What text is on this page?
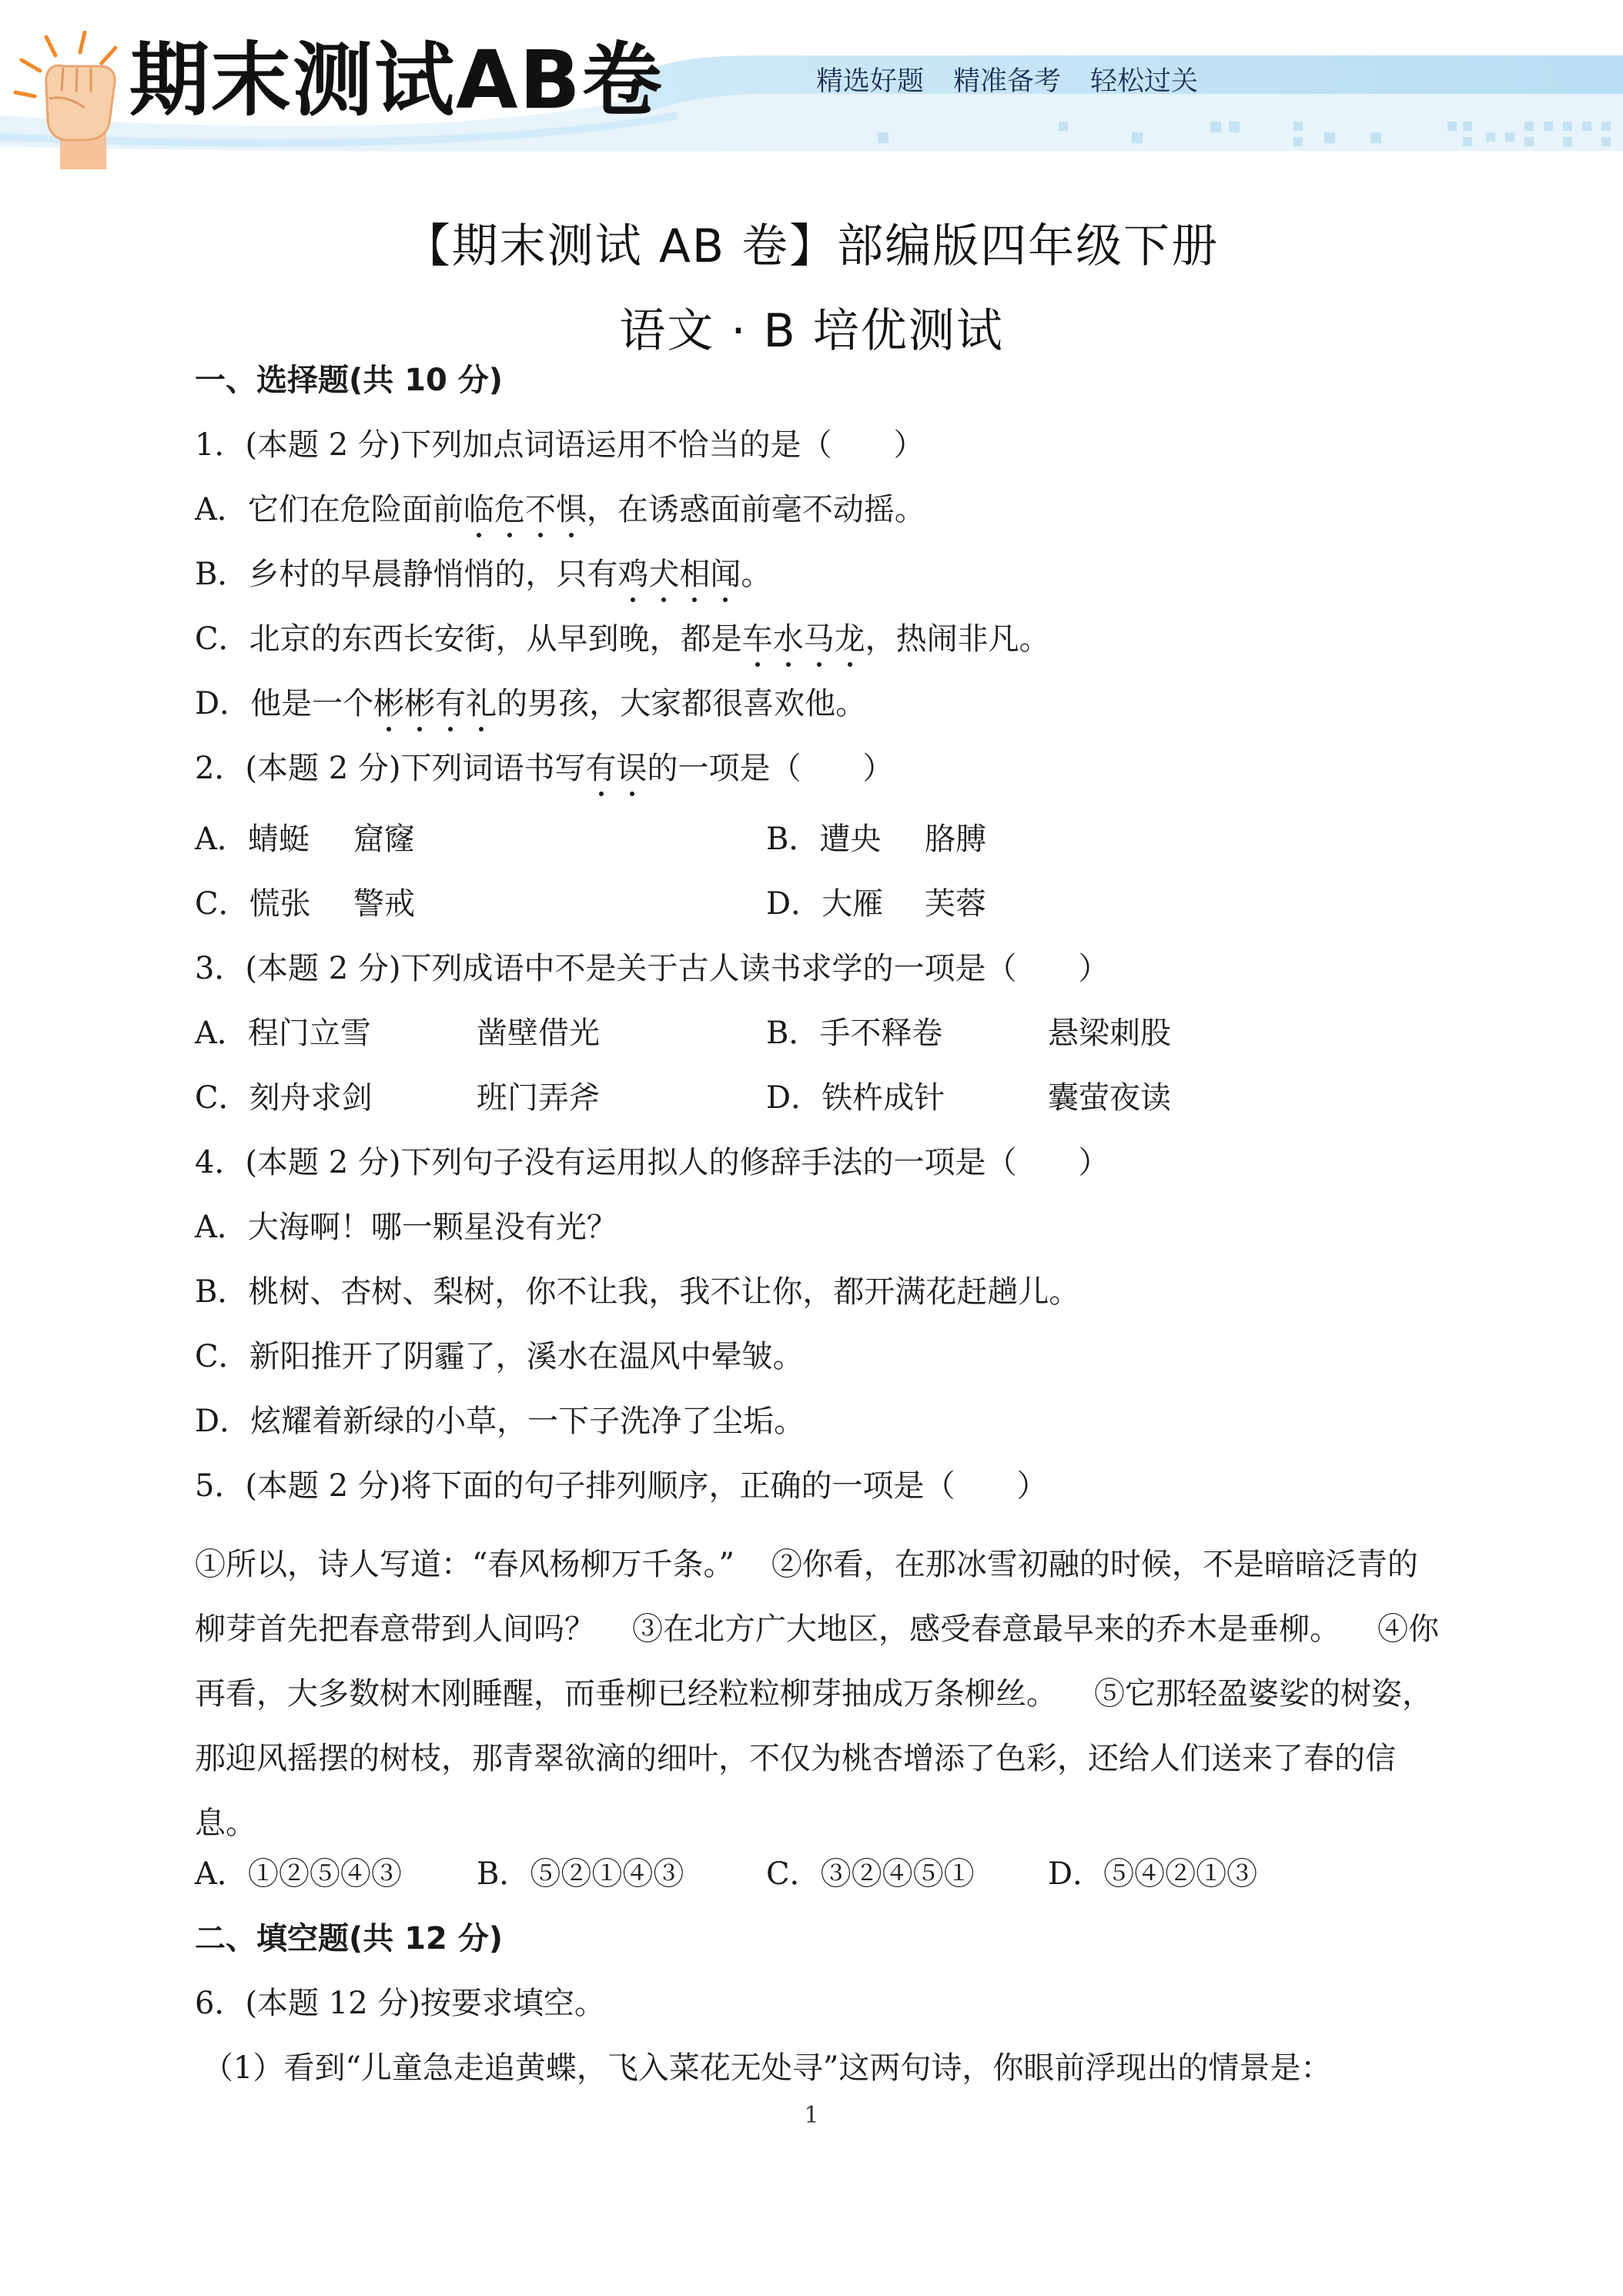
期末测试AB卷	精选好题 精准备考 轻松过关
【期末测试 AB 卷】部编版四年级下册
语文 · B 培优测试

一、选择题(共 10 分)

1．(本题 2 分)下列加点词语运用不恰当的是（　　）

A．它们在危险面前临危不惧，在诱惑面前毫不动摇。

B．乡村的早晨静悄悄的，只有鸡犬相闻。

C．北京的东西长安街，从早到晚，都是车水马龙，热闹非凡。

D．他是一个彬彬有礼的男孩，大家都很喜欢他。

2．(本题 2 分)下列词语书写有误的一项是（　　）

A．蜻蜓	窟窿	B．遭央	胳膊

C．慌张	警戒	D．大雁	芙蓉

3．(本题 2 分)下列成语中不是关于古人读书求学的一项是（　　）

A．程门立雪	凿壁借光	B．手不释卷	悬梁刺股

C．刻舟求剑	班门弄斧	D．铁杵成针	囊萤夜读

4．(本题 2 分)下列句子没有运用拟人的修辞手法的一项是（　　）

A．大海啊！哪一颗星没有光？

B．桃树、杏树、梨树，你不让我，我不让你，都开满花赶趟儿。

C．新阳推开了阴霾了，溪水在温风中晕皱。

D．炫耀着新绿的小草，一下子洗净了尘垢。

5．(本题 2 分)将下面的句子排列顺序，正确的一项是（　　）

①所以，诗人写道：“春风杨柳万千条。” ②你看，在那冰雪初融的时候，不是暗暗泛青的柳芽首先把春意带到人间吗？ ③在北方广大地区，感受春意最早来的乔木是垂柳。 ④你再看，大多数树木刚睡醒，而垂柳已经粒粒柳芽抽成万条柳丝。 ⑤它那轻盈婆娑的树姿，那迎风摇摆的树枝，那青翠欲滴的细叶，不仅为桃杏增添了色彩，还给人们送来了春的信息。

A．①②⑤④③	B．⑤②①④③	C．③②④⑤①	D．⑤④②①③

二、填空题(共 12 分)

6．(本题 12 分)按要求填空。

（1）看到“儿童急走追黄蝶，飞入菜花无处寻”这两句诗，你眼前浮现出的情景是：

1
